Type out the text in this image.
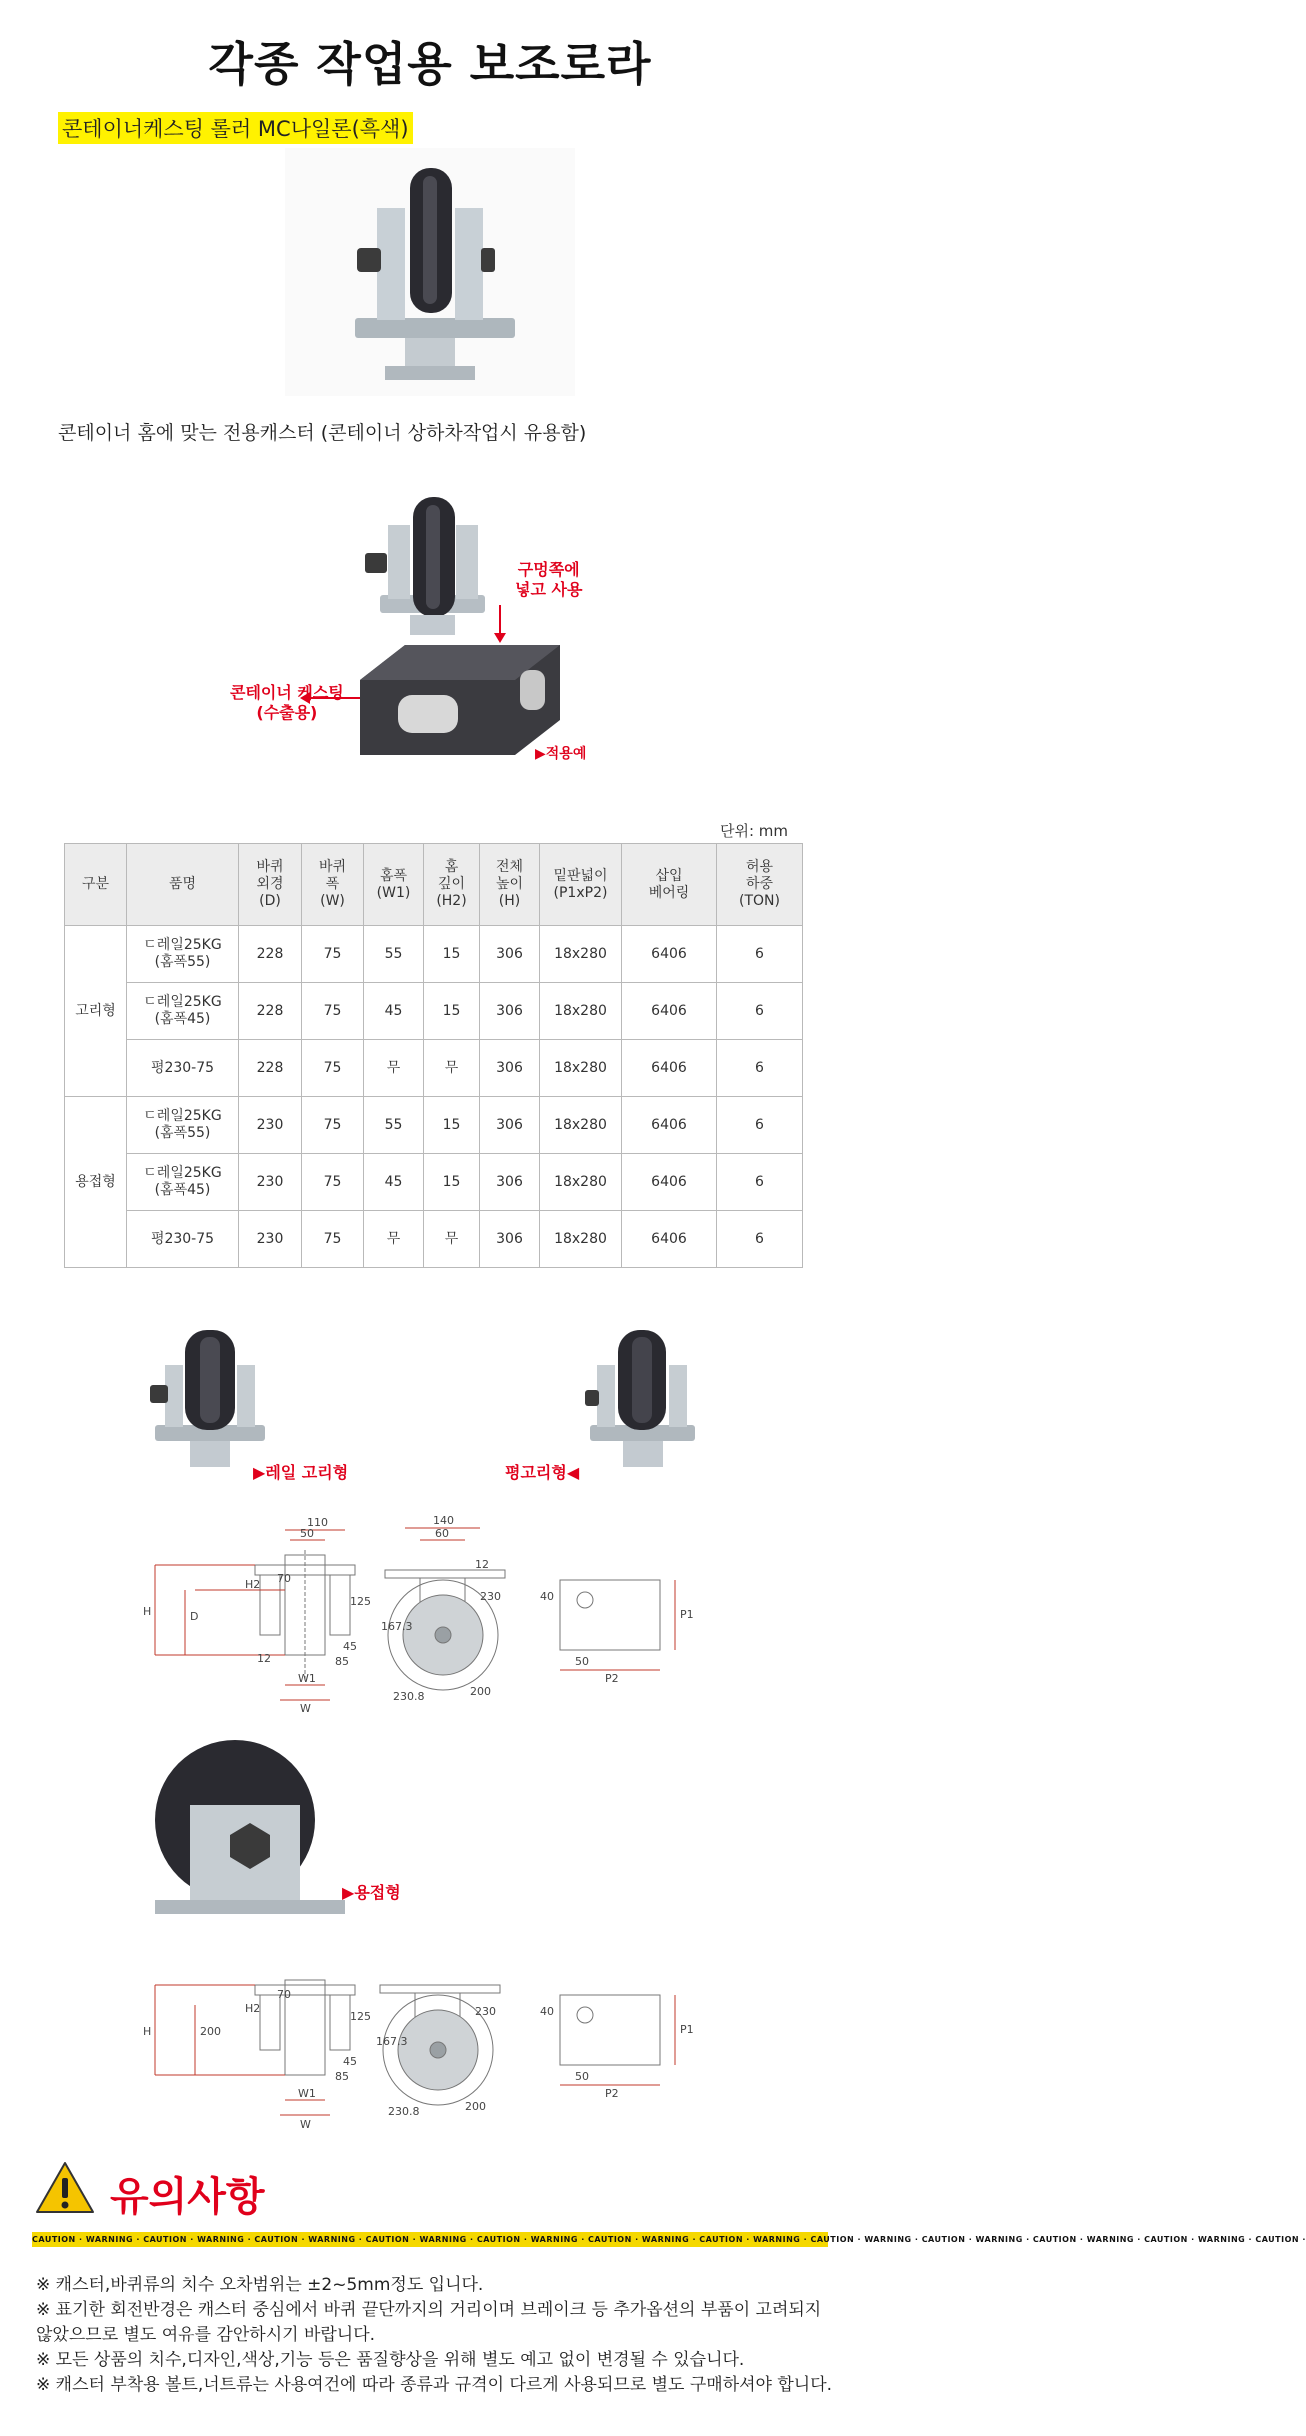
각종 작업용 보조로라
콘테이너케스팅 롤러 MC나일론(흑색)
콘테이너 홈에 맞는 전용캐스터 (콘테이너 상하차작업시 유용함)
구멍쪽에
넣고 사용
콘테이너 케스팅
(수출용)
▶적용예
단위: mm
구분	품명	바퀴
외경
(D)	바퀴
폭
(W)	홈폭
(W1)	홈
깊이
(H2)	전체
높이
(H)	밑판넓이
(P1xP2)	삽입
베어링	허용
하중
(TON)
고리형	ㄷ레일25KG
(홈폭55)	228	75	55	15	306	18x280	6406	6
	ㄷ레일25KG
(홈폭45)	228	75	45	15	306	18x280	6406	6
	평230-75	228	75	무	무	306	18x280	6406	6
용접형	ㄷ레일25KG
(홈폭55)	230	75	55	15	306	18x280	6406	6
	ㄷ레일25KG
(홈폭45)	230	75	45	15	306	18x280	6406	6
	평230-75	230	75	무	무	306	18x280	6406	6
▶레일 고리형	평고리형◀
110
50
H2
D
H
12
45
85
W1
W
70
125
140
60
12
230
167.3
230.8	200
40
50
P1
P2
▶용접형
H2
H	200
45
85
W1
W
70
125	230
167.3
230.8	200
40
50
P1
P2
유의사항
CAUTION · WARNING · CAUTION · WARNING · CAUTION · WARNING · CAUTION · WARNING · CAUTION · WARNING · CAUTION · WARNING · CAUTION · WARNING · CAUTION · WARNING · CAUTION · WARNING · CAUTION · WARNING · CAUTION · WARNING · CAUTION ·

※ 캐스터,바퀴류의 치수 오차범위는 ±2~5mm정도 입니다.

※ 표기한 회전반경은 캐스터 중심에서 바퀴 끝단까지의 거리이며 브레이크 등 추가옵션의 부품이 고려되지 않았으므로 별도 여유를 감안하시기 바랍니다.

※ 모든 상품의 치수,디자인,색상,기능 등은 품질향상을 위해 별도 예고 없이 변경될 수 있습니다.

※ 캐스터 부착용 볼트,너트류는 사용여건에 따라 종류과 규격이 다르게 사용되므로 별도 구매하셔야 합니다.
